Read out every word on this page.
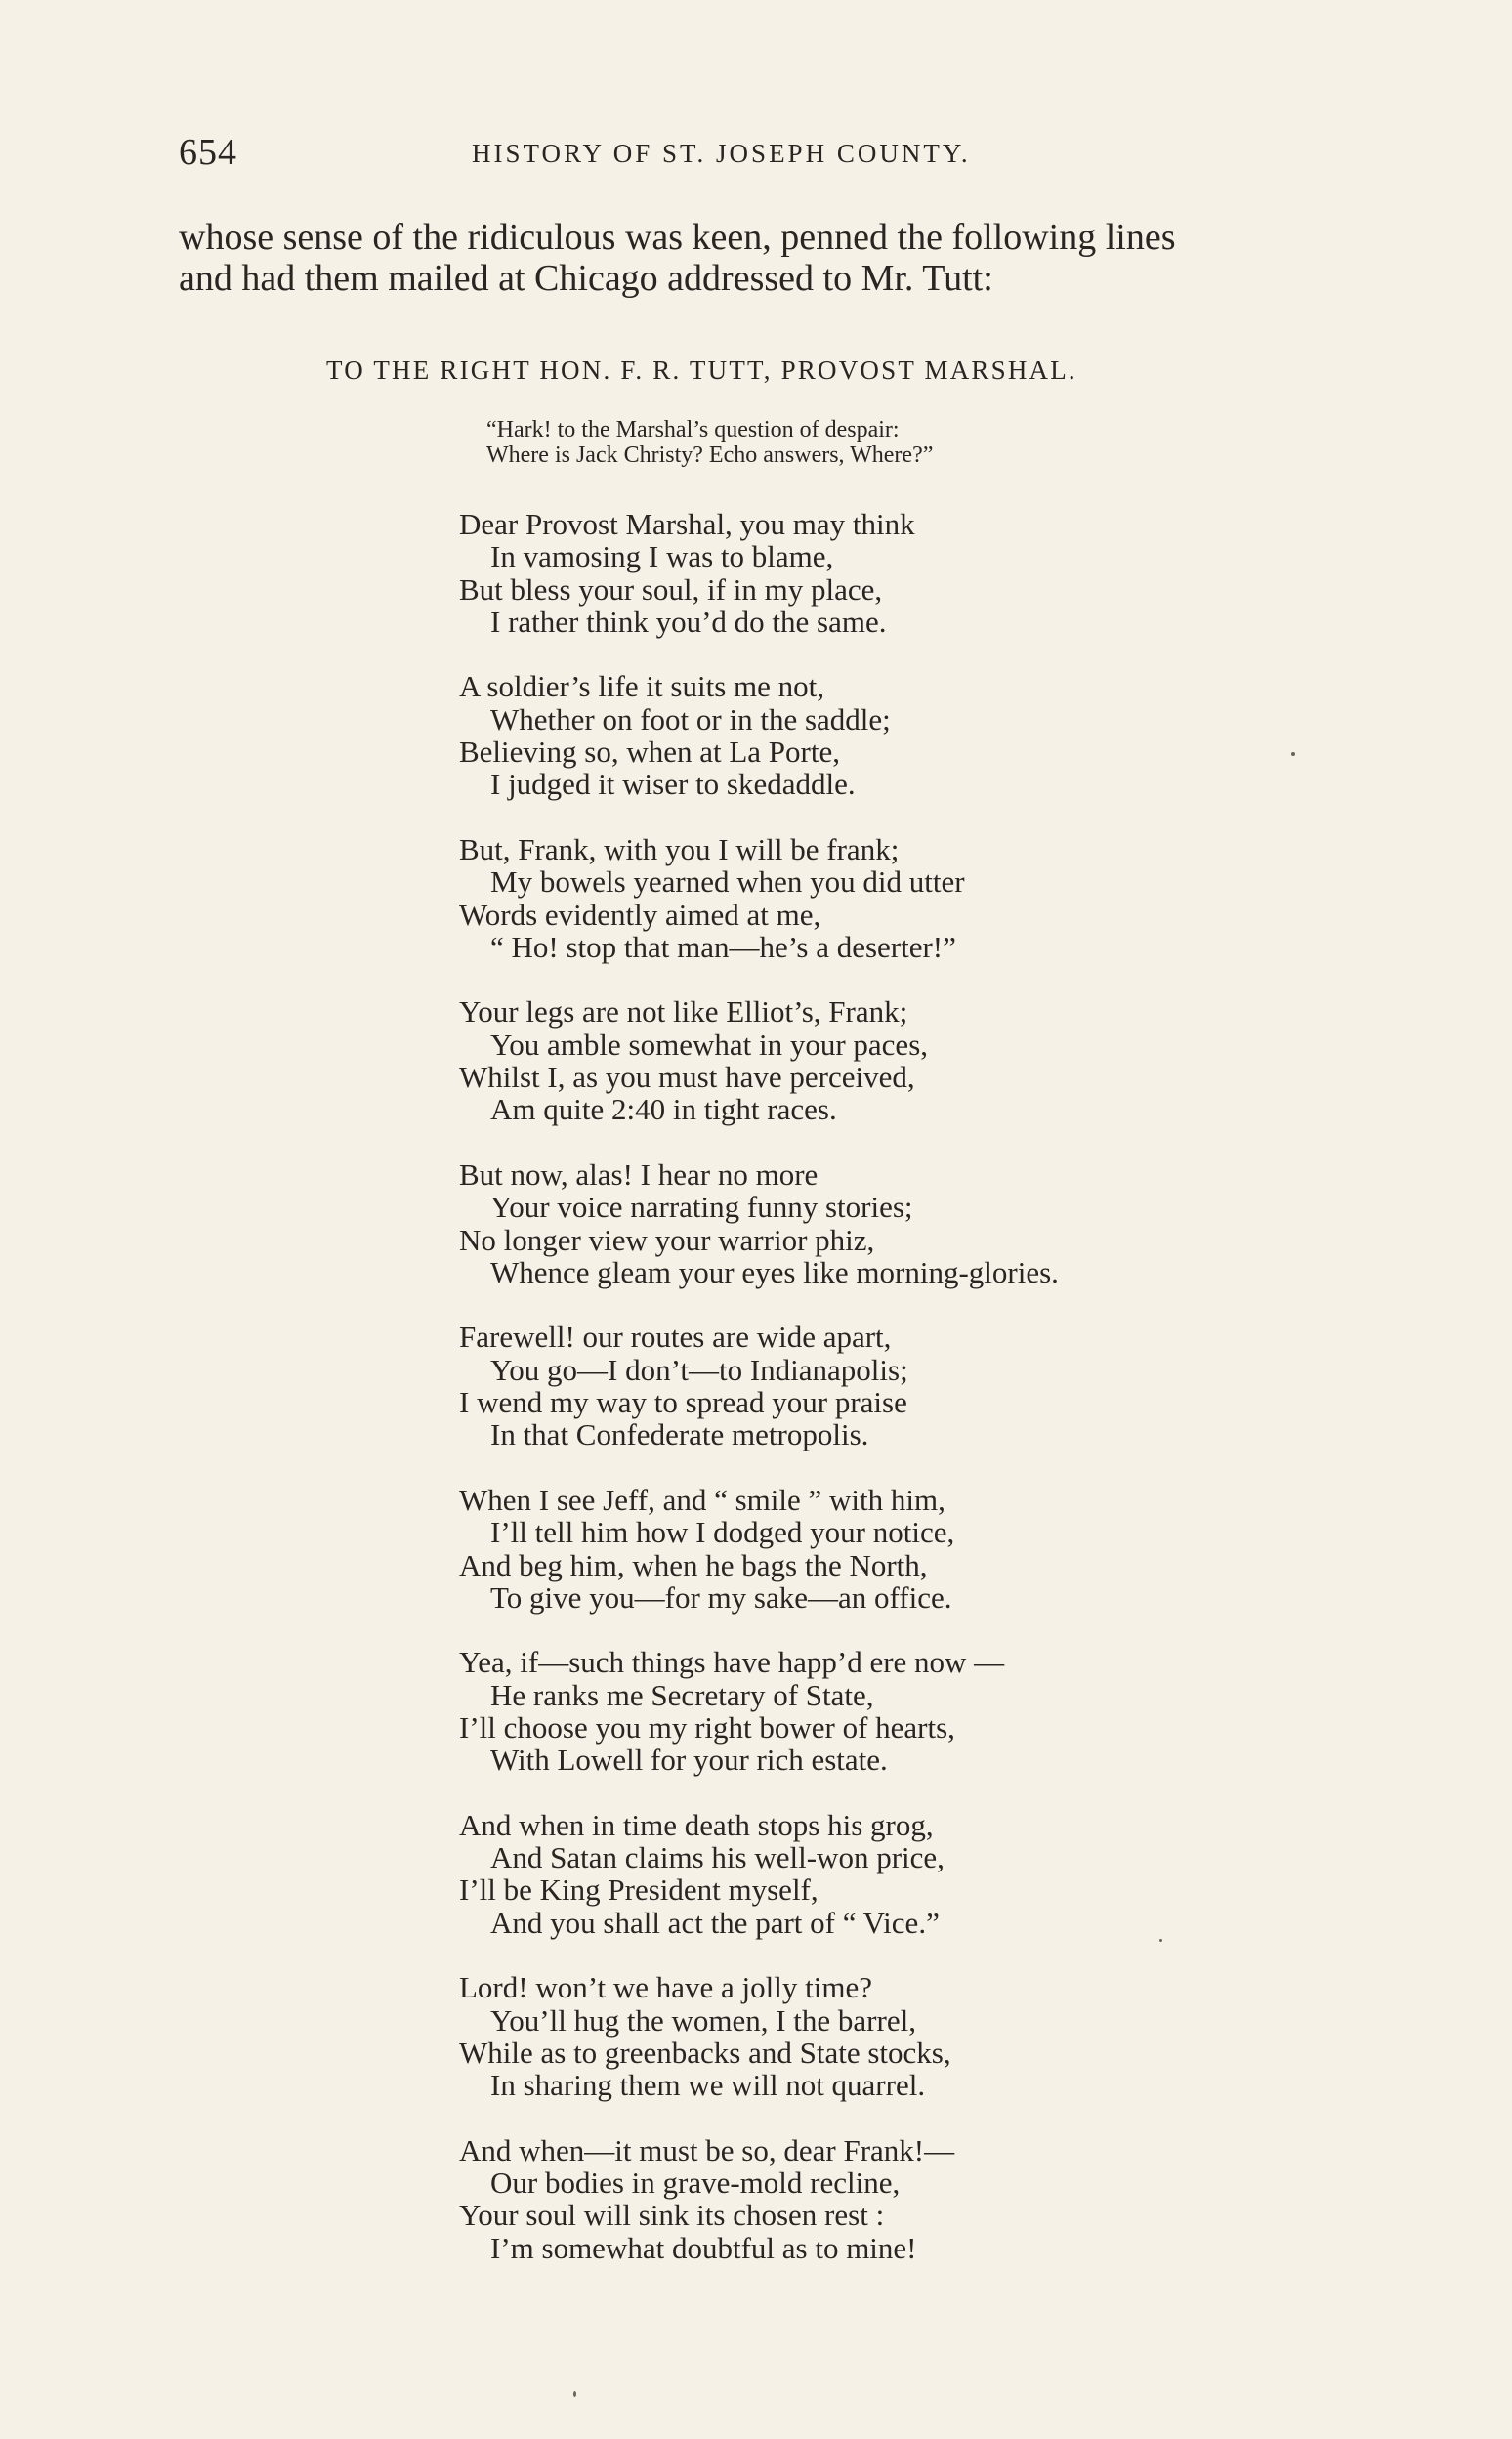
654	HISTORY OF ST. JOSEPH COUNTY.
whose sense of the ridiculous was keen, penned the following lines
and had them mailed at Chicago addressed to Mr. Tutt:
TO THE RIGHT HON. F. R. TUTT, PROVOST MARSHAL.
“Hark! to the Marshal’s question of despair:
Where is Jack Christy? Echo answers, Where?”
Dear Provost Marshal, you may think
In vamosing I was to blame,
But bless your soul, if in my place,
I rather think you’d do the same.
A soldier’s life it suits me not,
Whether on foot or in the saddle;
Believing so, when at La Porte,
I judged it wiser to skedaddle.
But, Frank, with you I will be frank;
My bowels yearned when you did utter
Words evidently aimed at me,
“ Ho! stop that man—he’s a deserter!”
Your legs are not like Elliot’s, Frank;
You amble somewhat in your paces,
Whilst I, as you must have perceived,
Am quite 2:40 in tight races.
But now, alas! I hear no more
Your voice narrating funny stories;
No longer view your warrior phiz,
Whence gleam your eyes like morning-glories.
Farewell! our routes are wide apart,
You go—I don’t—to Indianapolis;
I wend my way to spread your praise
In that Confederate metropolis.
When I see Jeff, and “ smile ” with him,
I’ll tell him how I dodged your notice,
And beg him, when he bags the North,
To give you—for my sake—an office.
Yea, if—such things have happ’d ere now —
He ranks me Secretary of State,
I’ll choose you my right bower of hearts,
With Lowell for your rich estate.
And when in time death stops his grog,
And Satan claims his well-won price,
I’ll be King President myself,
And you shall act the part of “ Vice.”
Lord! won’t we have a jolly time?
You’ll hug the women, I the barrel,
While as to greenbacks and State stocks,
In sharing them we will not quarrel.
And when—it must be so, dear Frank!—
Our bodies in grave-mold recline,
Your soul will sink its chosen rest :
I’m somewhat doubtful as to mine!
